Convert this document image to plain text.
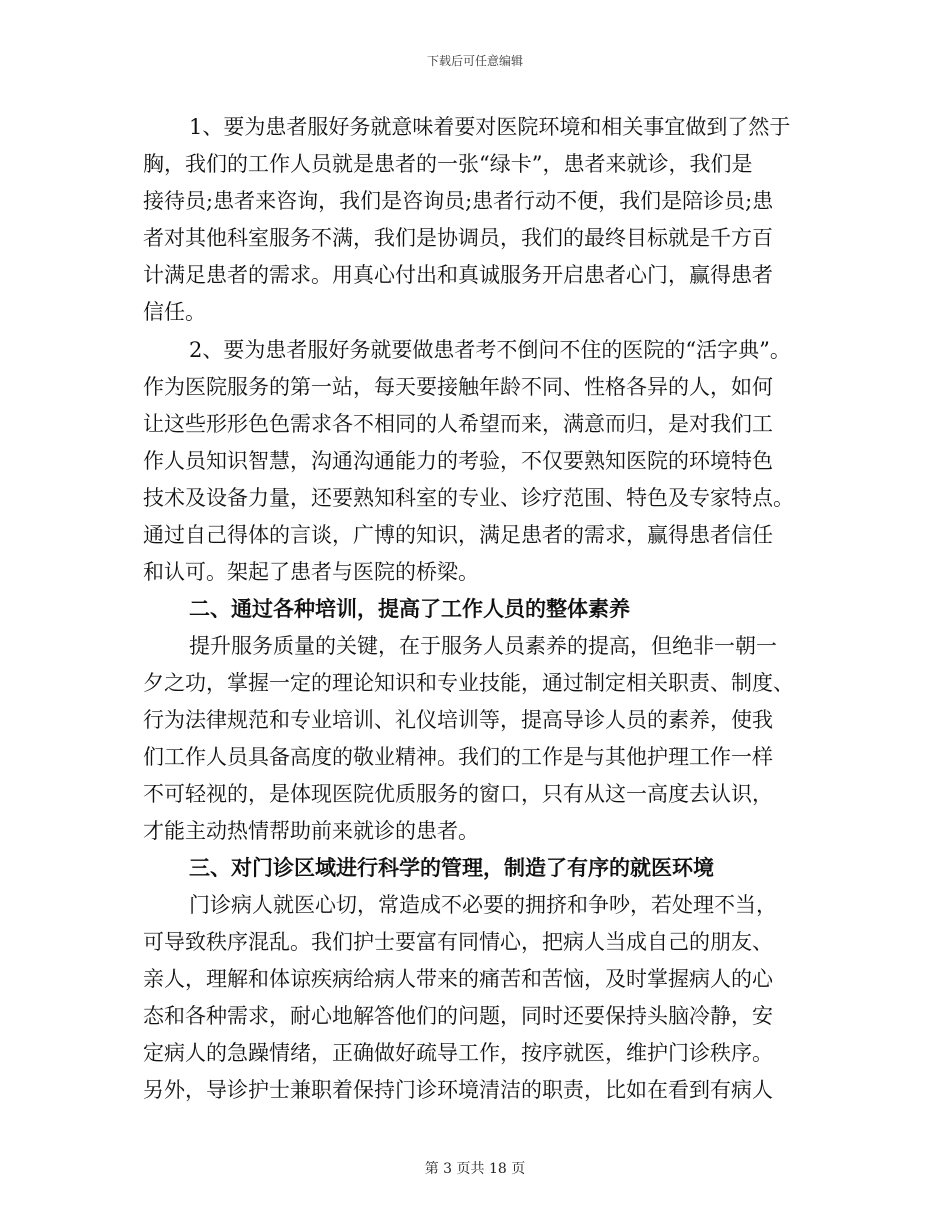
下载后可任意编辑
1、要为患者服好务就意味着要对医院环境和相关事宜做到了然于
胸，我们的工作人员就是患者的一张“绿卡”，患者来就诊，我们是
接待员;患者来咨询，我们是咨询员;患者行动不便，我们是陪诊员;患
者对其他科室服务不满，我们是协调员，我们的最终目标就是千方百
计满足患者的需求。用真心付出和真诚服务开启患者心门，赢得患者
信任。
2、要为患者服好务就要做患者考不倒问不住的医院的“活字典”。
作为医院服务的第一站，每天要接触年龄不同、性格各异的人，如何
让这些形形色色需求各不相同的人希望而来，满意而归，是对我们工
作人员知识智慧，沟通沟通能力的考验，不仅要熟知医院的环境特色
技术及设备力量，还要熟知科室的专业、诊疗范围、特色及专家特点。
通过自己得体的言谈，广博的知识，满足患者的需求，赢得患者信任
和认可。架起了患者与医院的桥梁。
二、通过各种培训，提高了工作人员的整体素养
提升服务质量的关键，在于服务人员素养的提高，但绝非一朝一
夕之功，掌握一定的理论知识和专业技能，通过制定相关职责、制度、
行为法律规范和专业培训、礼仪培训等，提高导诊人员的素养，使我
们工作人员具备高度的敬业精神。我们的工作是与其他护理工作一样
不可轻视的，是体现医院优质服务的窗口，只有从这一高度去认识，
才能主动热情帮助前来就诊的患者。
三、对门诊区域进行科学的管理，制造了有序的就医环境
门诊病人就医心切，常造成不必要的拥挤和争吵，若处理不当，
可导致秩序混乱。我们护士要富有同情心，把病人当成自己的朋友、
亲人，理解和体谅疾病给病人带来的痛苦和苦恼，及时掌握病人的心
态和各种需求，耐心地解答他们的问题，同时还要保持头脑冷静，安
定病人的急躁情绪，正确做好疏导工作，按序就医，维护门诊秩序。
另外，导诊护士兼职着保持门诊环境清洁的职责，比如在看到有病人
第 3 页共 18 页
